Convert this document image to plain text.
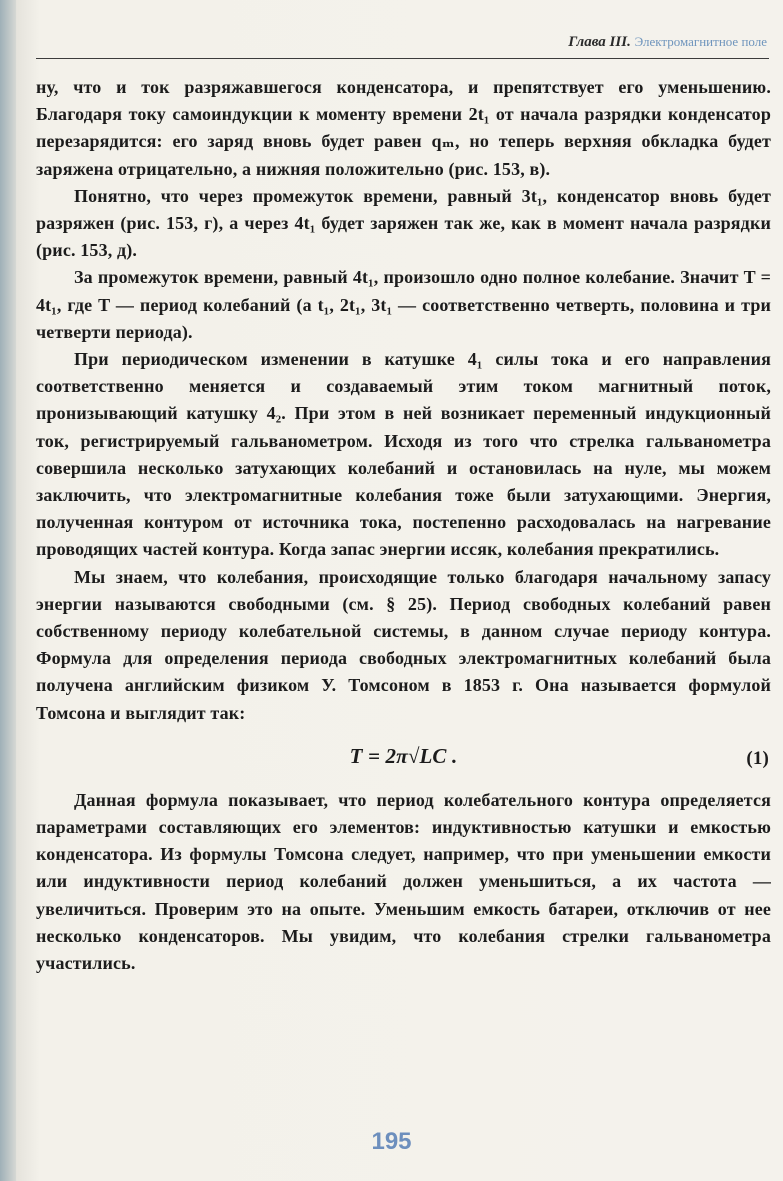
Глава III. Электромагнитное поле

ну, что и ток разряжавшегося конденсатора, и препятствует его уменьшению. Благодаря току самоиндукции к моменту времени 2t₁ от начала разрядки конденсатор перезарядится: его заряд вновь будет равен qₘ, но теперь верхняя обкладка будет заряжена отрицательно, а нижняя положительно (рис. 153, в).

Понятно, что через промежуток времени, равный 3t₁, конденсатор вновь будет разряжен (рис. 153, г), а через 4t₁ будет заряжен так же, как в момент начала разрядки (рис. 153, д).

За промежуток времени, равный 4t₁, произошло одно полное колебание. Значит T = 4t₁, где T — период колебаний (а t₁, 2t₁, 3t₁ — соответственно четверть, половина и три четверти периода).

При периодическом изменении в катушке 4₁ силы тока и его направления соответственно меняется и создаваемый этим током магнитный поток, пронизывающий катушку 4₂. При этом в ней возникает переменный индукционный ток, регистрируемый гальванометром. Исходя из того что стрелка гальванометра совершила несколько затухающих колебаний и остановилась на нуле, мы можем заключить, что электромагнитные колебания тоже были затухающими. Энергия, полученная контуром от источника тока, постепенно расходовалась на нагревание проводящих частей контура. Когда запас энергии иссяк, колебания прекратились.

Мы знаем, что колебания, происходящие только благодаря начальному запасу энергии называются свободными (см. § 25). Период свободных колебаний равен собственному периоду колебательной системы, в данном случае периоду контура. Формула для определения периода свободных электромагнитных колебаний была получена английским физиком У. Томсоном в 1853 г. Она называется формулой Томсона и выглядит так:

T = 2π√LC .	(1)

Данная формула показывает, что период колебательного контура определяется параметрами составляющих его элементов: индуктивностью катушки и емкостью конденсатора. Из формулы Томсона следует, например, что при уменьшении емкости или индуктивности период колебаний должен уменьшиться, а их частота — увеличиться. Проверим это на опыте. Уменьшим емкость батареи, отключив от нее несколько конденсаторов. Мы увидим, что колебания стрелки гальванометра участились.

195
